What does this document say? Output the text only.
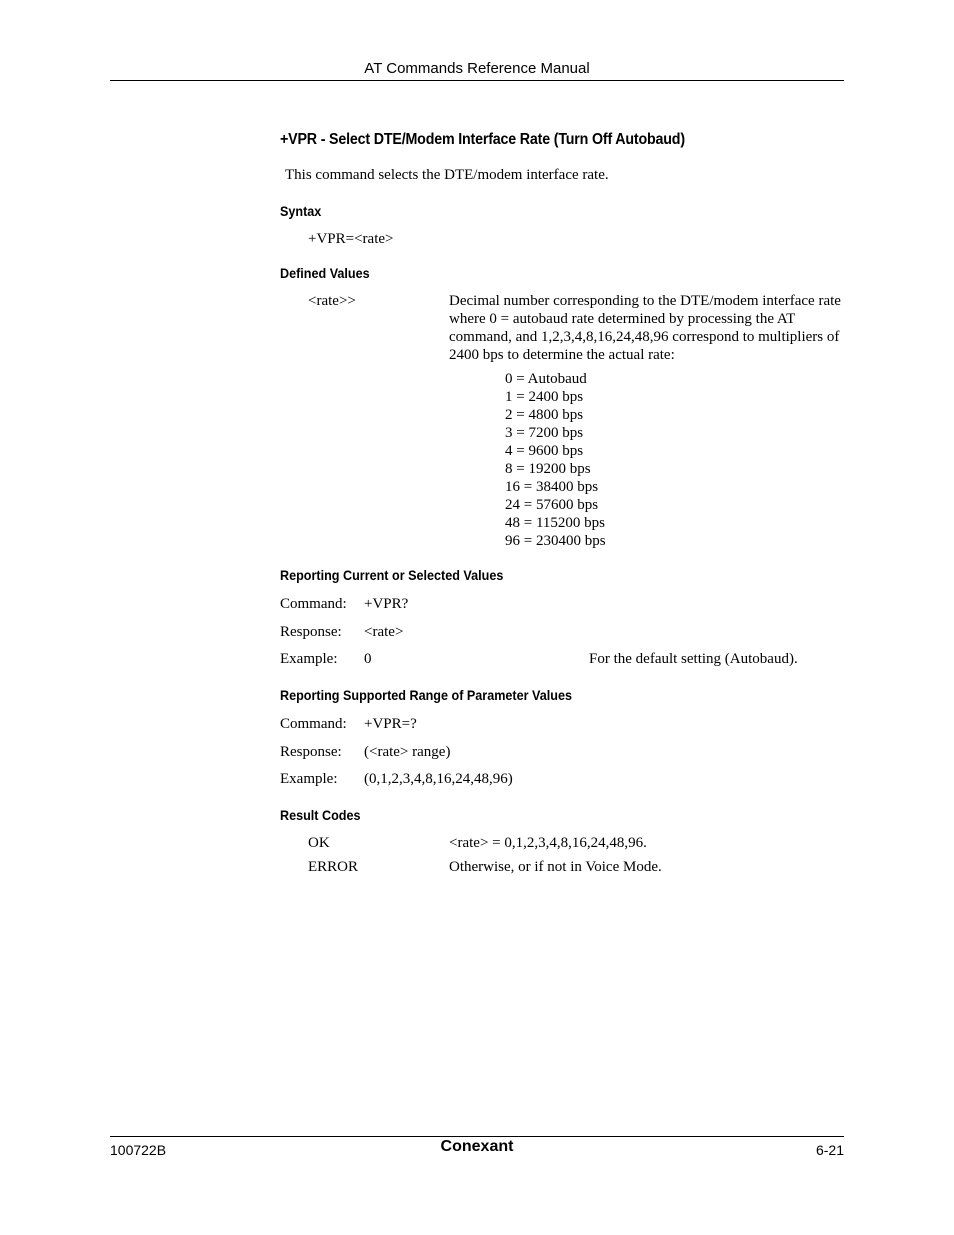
AT Commands Reference Manual
+VPR - Select DTE/Modem Interface Rate (Turn Off Autobaud)
This command selects the DTE/modem interface rate.
Syntax
+VPR=<rate>
Defined Values
<rate>>	Decimal number corresponding to the DTE/modem interface rate where 0 = autobaud rate determined by processing the AT command, and 1,2,3,4,8,16,24,48,96 correspond to multipliers of 2400 bps to determine the actual rate:
0 = Autobaud
1 = 2400 bps
2 = 4800 bps
3 = 7200 bps
4 = 9600 bps
8 = 19200 bps
16 = 38400 bps
24 = 57600 bps
48 = 115200 bps
96 = 230400 bps
Reporting Current or Selected Values
Command: +VPR?
Response: <rate>
Example: 0	For the default setting (Autobaud).
Reporting Supported Range of Parameter Values
Command: +VPR=?
Response: (<rate> range)
Example: (0,1,2,3,4,8,16,24,48,96)
Result Codes
OK	<rate> = 0,1,2,3,4,8,16,24,48,96.
ERROR	Otherwise, or if not in Voice Mode.
100722B	Conexant	6-21
